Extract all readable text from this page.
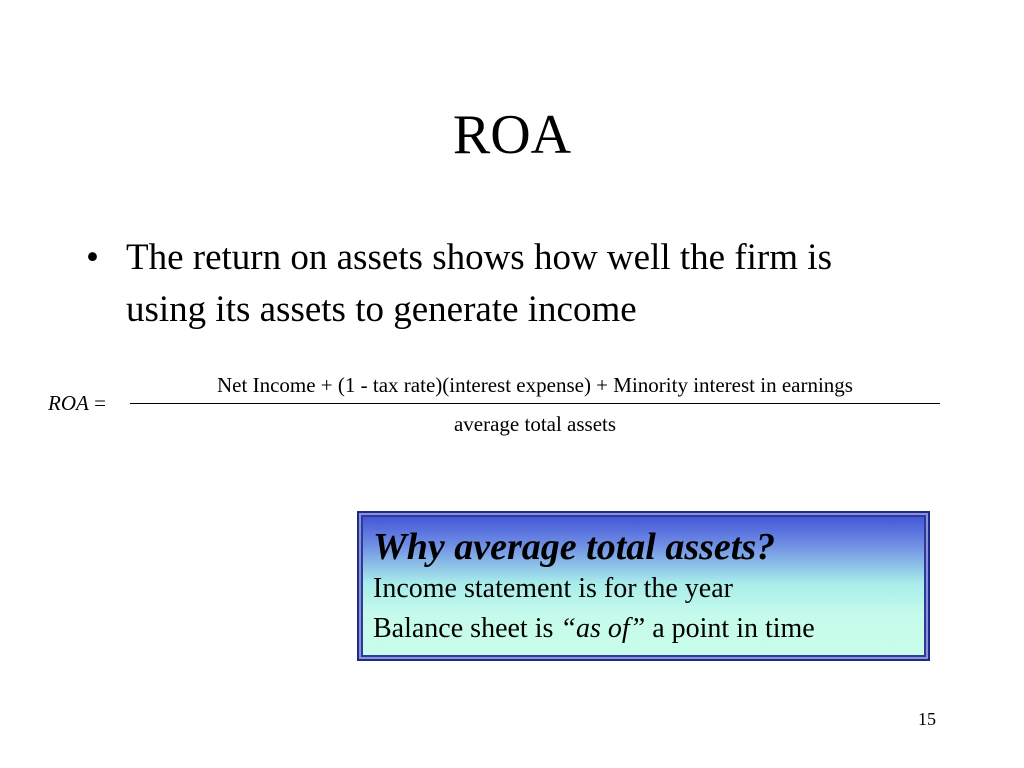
ROA
• The return on assets shows how well the firm is using its assets to generate income
ROA =
Net Income + (1 - tax rate)(interest expense) + Minority interest in earnings
average total assets
Why average total assets?
Income statement is for the year
Balance sheet is “as of” a point in time
15
